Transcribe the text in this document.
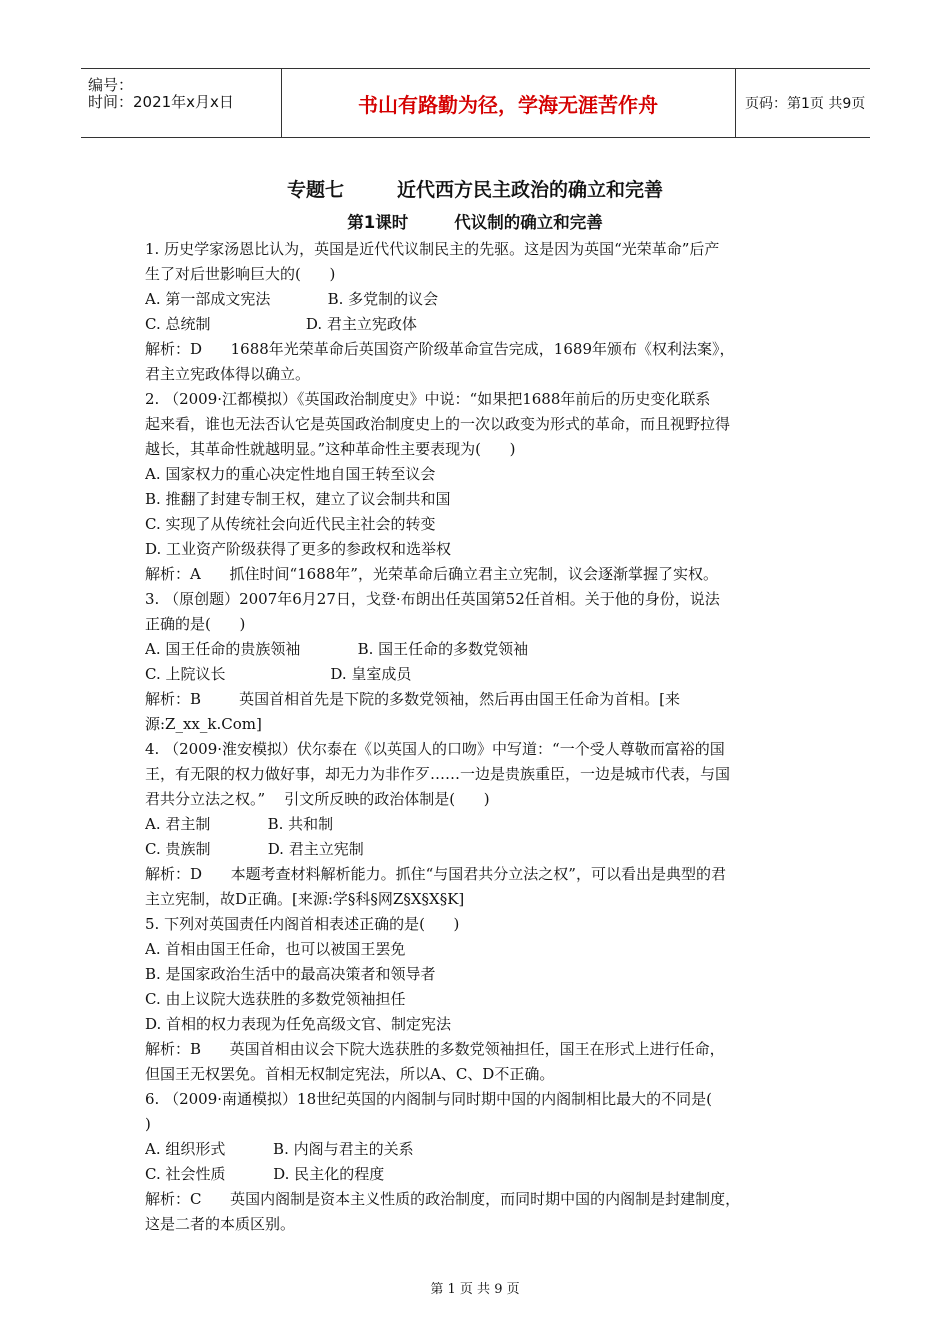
编号：
时间：2021年x月x日	书山有路勤为径，学海无涯苦作舟	页码：第1页 共9页
专题七        近代西方民主政治的确立和完善
第1课时        代议制的确立和完善
1. 历史学家汤恩比认为，英国是近代代议制民主的先驱。这是因为英国“光荣革命”后产
生了对后世影响巨大的(      )
A. 第一部成文宪法            B. 多党制的议会
C. 总统制                    D. 君主立宪政体
解析：D      1688年光荣革命后英国资产阶级革命宣告完成，1689年颁布《权利法案》，
君主立宪政体得以确立。
2. （2009·江都模拟）《英国政治制度史》中说：“如果把1688年前后的历史变化联系
起来看，谁也无法否认它是英国政治制度史上的一次以政变为形式的革命，而且视野拉得
越长，其革命性就越明显。”这种革命性主要表现为(      )
A. 国家权力的重心决定性地自国王转至议会
B. 推翻了封建专制王权，建立了议会制共和国
C. 实现了从传统社会向近代民主社会的转变
D. 工业资产阶级获得了更多的参政权和选举权
解析：A      抓住时间“1688年”，光荣革命后确立君主立宪制，议会逐渐掌握了实权。
3. （原创题）2007年6月27日，戈登·布朗出任英国第52任首相。关于他的身份，说法
正确的是(      )
A. 国王任命的贵族领袖            B. 国王任命的多数党领袖
C. 上院议长                      D. 皇室成员
解析：B        英国首相首先是下院的多数党领袖，然后再由国王任命为首相。[来
源:Z_xx_k.Com]
4. （2009·淮安模拟）伏尔泰在《以英国人的口吻》中写道：“一个受人尊敬而富裕的国
王，有无限的权力做好事，却无力为非作歹……一边是贵族重臣，一边是城市代表，与国
君共分立法之权。”    引文所反映的政治体制是(      )
A. 君主制            B. 共和制
C. 贵族制            D. 君主立宪制
解析：D      本题考查材料解析能力。抓住“与国君共分立法之权”，可以看出是典型的君
主立宪制，故D正确。[来源:学§科§网Z§X§X§K]
5. 下列对英国责任内阁首相表述正确的是(      )
A. 首相由国王任命，也可以被国王罢免
B. 是国家政治生活中的最高决策者和领导者
C. 由上议院大选获胜的多数党领袖担任
D. 首相的权力表现为任免高级文官、制定宪法
解析：B      英国首相由议会下院大选获胜的多数党领袖担任，国王在形式上进行任命，
但国王无权罢免。首相无权制定宪法，所以A、C、D不正确。
6. （2009·南通模拟）18世纪英国的内阁制与同时期中国的内阁制相比最大的不同是(
)
A. 组织形式          B. 内阁与君主的关系
C. 社会性质          D. 民主化的程度
解析：C      英国内阁制是资本主义性质的政治制度，而同时期中国的内阁制是封建制度，
这是二者的本质区别。
第 1 页 共 9 页
